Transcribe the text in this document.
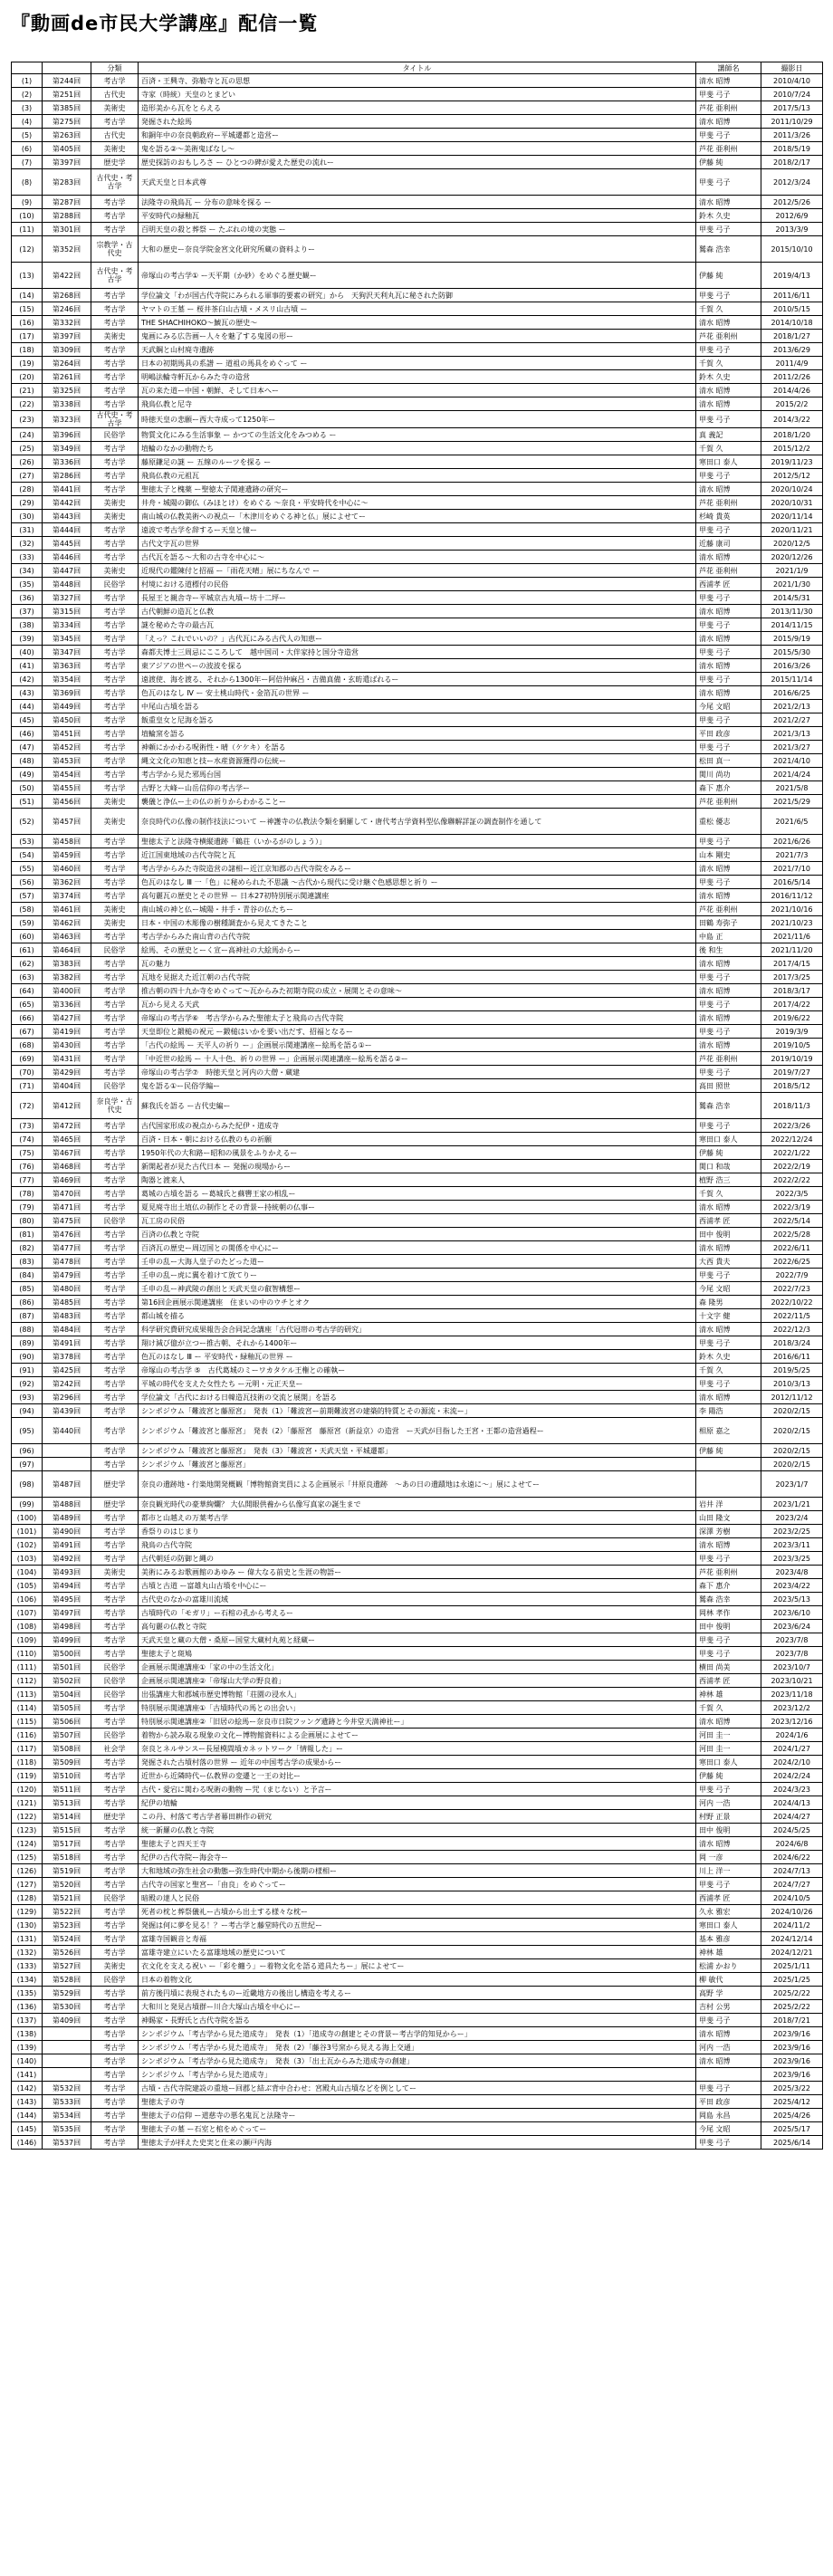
『動画de市民大学講座』配信一覧
		分類	タイトル	講師名	撮影日
(1)	第244回	考古学	百済・王興寺、弥勒寺と瓦の思想	清水 昭博	2010/4/10
(2)	第251回	古代史	寺家（時統）天皇のとまどい	甲斐 弓子	2010/7/24
(3)	第385回	美術史	造形美から瓦をとらえる	芦花 亜利州	2017/5/13
(4)	第275回	考古学	発掘された絵馬	清水 昭博	2011/10/29
(5)	第263回	古代史	和銅年中の奈良朝政府ー平城遷都と造営ー	甲斐 弓子	2011/3/26
(6)	第405回	美術史	鬼を語る②〜美術鬼ばなし〜	芦花 亜利州	2018/5/19
(7)	第397回	歴史学	歴史探訪のおもしろさ ー ひとつの碑が愛えた歴史の流れー	伊藤 純	2018/2/17
(8)	第283回	古代史・考古学	天武天皇と日本武尊	甲斐 弓子	2012/3/24
(9)	第287回	考古学	法隆寺の飛鳥瓦 ー 分布の意味を探る ー	清水 昭博	2012/5/26
(10)	第288回	考古学	平安時代の緑釉瓦	鈴木 久史	2012/6/9
(11)	第301回	考古学	百明天皇の殺と葬祭 ー たぶれの境の実態 ー	甲斐 弓子	2013/3/9
(12)	第352回	宗教学・古代史	大和の歴史ー奈良学院金宮文化研究所蔵の資料よりー	鷲森 浩幸	2015/10/10
(13)	第422回	古代史・考古学	帝塚山の考古学① ー天平期（か砂）をめぐる歴史観ー	伊藤 純	2019/4/13
(14)	第268回	考古学	学位論文「わが国古代寺院にみられる軍事的要素の研究」から　天狗沢天利丸瓦に秘された防御	甲斐 弓子	2011/6/11
(15)	第246回	考古学	ヤマトの王墓 ー 桜井茶臼山古墳・メスリ山古墳 ー	千賀 久	2010/5/15
(16)	第332回	考古学	THE SHACHIHOKO〜鯱瓦の歴史〜	清水 昭博	2014/10/18
(17)	第397回	美術史	鬼画にみる広告画ー人々を魅了する鬼図の形ー	芦花 亜利州	2018/1/27
(18)	第309回	考古学	天武鋼と山村廃寺遺跡	甲斐 弓子	2013/6/29
(19)	第264回	考古学	日本の初期馬具の系譜 ー 道祖の馬具をめぐって ー	千賀 久	2011/4/9
(20)	第261回	考古学	明嶋法輪寺軒瓦からみた寺の造営	鈴木 久史	2011/2/26
(21)	第325回	考古学	瓦の来た道ー中国・朝鮮、そして日本へー	清水 昭博	2014/4/26
(22)	第338回	考古学	飛鳥仏教と尼寺	清水 昭博	2015/2/2
(23)	第323回	古代史・考古学	時徳天皇の悲願ー西大寺成って1250年ー	甲斐 弓子	2014/3/22
(24)	第396回	民俗学	物質文化にみる生活事象 ー かつての生活文化をみつめる ー	真 義記	2018/1/20
(25)	第349回	考古学	埴輪のなかの動物たち	千賀 久	2015/12/2
(26)	第336回	考古学	藤原鎌足の謎 ー 五線のルーツを探る ー	寒田口 泰人	2019/11/23
(27)	第286回	考古学	飛鳥仏教の元祖瓦	甲斐 弓子	2012/5/12
(28)	第441回	考古学	聖徳太子と槐薬 ー聖徳太子関連遺跡の研究ー	清水 昭博	2020/10/24
(29)	第442回	美術史	井舟・城陽の御仏（みほとけ）をめぐる ～奈良・平安時代を中心に～	芦花 亜利州	2020/10/31
(30)	第443回	美術史	南山城の仏教美術への視点ー「木津川をめぐる神と仏」展によせてー	杉崎 貴英	2020/11/14
(31)	第444回	考古学	遠波で考古学を辞するー天皇と憧ー	甲斐 弓子	2020/11/21
(32)	第445回	考古学	古代文字瓦の世界	近藤 康司	2020/12/5
(33)	第446回	考古学	古代瓦を語る〜大和の古寺を中心に〜	清水 昭博	2020/12/26
(34)	第447回	美術史	近現代の鑑陳付と招福 ー「雨花天晴」展にちなんで ー	芦花 亜利州	2021/1/9
(35)	第448回	民俗学	村境における道標付の民俗	西浦孝 匠	2021/1/30
(36)	第327回	考古学	長屋王と親舎寺ー平城京古丸墳ー坊十二坪ー	甲斐 弓子	2014/5/31
(37)	第315回	考古学	古代朝鮮の造瓦と仏教	清水 昭博	2013/11/30
(38)	第334回	考古学	謎を秘めた寺の最古瓦	甲斐 弓子	2014/11/15
(39)	第345回	考古学	「えっ？これでいいの？」古代瓦にみる古代人の知恵ー	清水 昭博	2015/9/19
(40)	第347回	考古学	森都夫博士三周忌にこころして　越中国司・大伴家持と国分寺造営	甲斐 弓子	2015/5/30
(41)	第363回	考古学	東アジアの世ペーの波波を探る	清水 昭博	2016/3/26
(42)	第354回	考古学	遠渡使、海を渡る、それから1300年ー阿倍仲麻呂・吉備真備・玄昉遣ばれるー	甲斐 弓子	2015/11/14
(43)	第369回	考古学	色瓦のはなし Ⅳ ー 安土桃山時代・金箔瓦の世界 ー	清水 昭博	2016/6/25
(44)	第449回	考古学	中尾山古墳を語る	今尾 文昭	2021/2/13
(45)	第450回	考古学	飯重皇女と尼海を語る	甲斐 弓子	2021/2/27
(46)	第451回	考古学	埴輪窯を語る	平田 政彦	2021/3/13
(47)	第452回	考古学	神頼にかかわる呪術性・晴（ケケキ）を語る	甲斐 弓子	2021/3/27
(48)	第453回	考古学	縄文文化の知恵と技ー水産資源獲得の伝統ー	松田 真一	2021/4/10
(49)	第454回	考古学	考古学から見た邪馬台国	関川 尚功	2021/4/24
(50)	第455回	考古学	古野と大峰ー山岳信仰の考古学ー	森下 惠介	2021/5/8
(51)	第456回	美術史	襲儀と浄仏ー土の仏の祈りからわかることー	芦花 亜利州	2021/5/29
(52)	第457回	美術史	奈良時代の仏像の制作技法について ー神護寺の仏教法令類を網羅して・唐代考古学資料型仏像聯解詳証の調査制作を通して	重松 優志	2021/6/5
(53)	第458回	考古学	聖徳太子と法隆寺横縦遺跡「鶴荘（いかるがのしょう）」	甲斐 弓子	2021/6/26
(54)	第459回	考古学	近江国東地域の古代寺院と瓦	山本 剛史	2021/7/3
(55)	第460回	考古学	考古学からみた寺院造営の諸相ー近江京知郡の古代寺院をみるー	清水 昭博	2021/7/10
(56)	第362回	考古学	色瓦のはなし Ⅲ 一「色」に秘められた不思議 ～古代から現代に受け継ぐ色感思想と祈り ー	甲斐 弓子	2016/5/14
(57)	第374回	考古学	高句麗瓦の歴史とその世界 ー 日本27初特別展示関連講座	清水 昭博	2016/11/12
(58)	第461回	美術史	南山城の神と仏ー城陽・井手・青谷の仏たちー	芦花 亜利州	2021/10/16
(59)	第462回	美術史	日本・中国の木彫像の樹種調査から見えてきたこと	田鶴 寿弥子	2021/10/23
(60)	第463回	考古学	考古学からみた南山背の古代寺院	中島 正	2021/11/6
(61)	第464回	民俗学	絵馬、その歴史とーく宣ー高神社の大絵馬からー	後 和生	2021/11/20
(62)	第383回	考古学	瓦の魅力	清水 昭博	2017/4/15
(63)	第382回	考古学	瓦地を見据えた近江朝の古代寺院	甲斐 弓子	2017/3/25
(64)	第400回	考古学	推古朝の四十九か寺をめぐって～瓦からみた初期寺院の成立・展開とその意味～	清水 昭博	2018/3/17
(65)	第336回	考古学	瓦から見える天武	甲斐 弓子	2017/4/22
(66)	第427回	考古学	帝塚山の考古学⑥　考古学からみた聖徳太子と飛鳥の古代寺院	清水 昭博	2019/6/22
(67)	第419回	考古学	天皇即位と鍛槌の祝元 ー鍛槌はいかを要い出だす、招福となるー	甲斐 弓子	2019/3/9
(68)	第430回	考古学	「古代の絵馬 ー 天平人の祈り ー」企画展示関連講座ー絵馬を語る①ー	清水 昭博	2019/10/5
(69)	第431回	考古学	「中近世の絵馬 ー 十人十色、祈りの世界 ー」企画展示関連講座ー絵馬を語る②ー	芦花 亜利州	2019/10/19
(70)	第429回	考古学	帝塚山の考古学⑦　時徳天皇と河内の大僧・蔵建	甲斐 弓子	2019/7/27
(71)	第404回	民俗学	鬼を語る①ー民俗学編ー	高田 照世	2018/5/12
(72)	第412回	奈良学・古代史	蘇我氏を語る ー古代史編ー	鷲森 浩幸	2018/11/3
(73)	第472回	考古学	古代国家形成の視点からみた紀伊・道成寺	甲斐 弓子	2022/3/26
(74)	第465回	考古学	百済・日本・朝における仏教のもの祈願	寒田口 泰人	2022/12/24
(75)	第467回	考古学	1950年代の大和路ー昭和の風景をふりかえるー	伊藤 純	2022/1/22
(76)	第468回	考古学	新開起者が見た古代日本 ー 発掘の現場からー	関口 和哉	2022/2/19
(77)	第469回	考古学	陶器と渡来人	植野 浩三	2022/2/22
(78)	第470回	考古学	葛城の古墳を語る ー葛城氏と蘇轡王家の相乱ー	千賀 久	2022/3/5
(79)	第471回	考古学	夏見廃寺出土埴仏の制作とその背景ー持統朝の仏事ー	清水 昭博	2022/3/19
(80)	第475回	民俗学	瓦工房の民俗	西浦孝 匠	2022/5/14
(81)	第476回	考古学	百済の仏教と寺院	田中 俊明	2022/5/28
(82)	第477回	考古学	百済瓦の歴史ー周辺国との関係を中心にー	清水 昭博	2022/6/11
(83)	第478回	考古学	壬申の乱ー大海人皇子のたどった道ー	大西 貴夫	2022/6/25
(84)	第479回	考古学	壬申の乱ー虎に翼を着けて放てりー	甲斐 弓子	2022/7/9
(85)	第480回	考古学	壬申の乱ー神武陵の創出と天武天皇の叡智構想ー	今尾 文昭	2022/7/23
(86)	第485回	考古学	第16回企画展示関連講座　住まいの中のウチとオク	森 隆男	2022/10/22
(87)	第483回	考古学	都山城を描る	十文字 健	2022/11/5
(88)	第484回	考古学	科学研究費研究成果報告会合同記念講座「古代冠帯の考古学的研究」	清水 昭博	2022/12/3
(89)	第491回	考古学	翔け減び億が立つー推古朝、それから1400年ー	甲斐 弓子	2018/3/24
(90)	第378回	考古学	色瓦のはなし Ⅲ ー 平安時代・緑釉瓦の世界 ー	鈴木 久史	2016/6/11
(91)	第425回	考古学	帝塚山の考古学 ⑤　古代葛城のミーワカタケル王権との確執ー	千賀 久	2019/5/25
(92)	第242回	考古学	平城の時代を支えた女性たち ー元明・元正天皇ー	甲斐 弓子	2010/3/13
(93)	第296回	考古学	学位論文「古代における日韓造瓦技術の交流と展開」を語る	清水 昭博	2012/11/12
(94)	第439回	考古学	シンポジウム「難波宮と藤原宮」　発表（1）「難波宮ー前期難波宮の建築的特質とその源流・末流ー」	李 陽浩	2020/2/15
(95)	第440回	考古学	シンポジウム「難波宮と藤原宮」　発表（2）「藤原宮　藤原宮（新益京）の造営　ー天武が目指した王宮・王都の造営過程ー	相原 嘉之	2020/2/15
(96)		考古学	シンポジウム「難波宮と藤原宮」　発表（3）「難波宮・天武天皇・平城遷都」	伊藤 純	2020/2/15
(97)		考古学	シンポジウム「難波宮と藤原宮」		2020/2/15
(98)	第487回	歴史学	奈良の遺跡地・行楽地開発概観「博物館資実員による企画展示「井原良遺跡　〜あの日の遺蹟地は永遠に〜」展によせてー		2023/1/7
(99)	第488回	歴史学	奈良観光時代の豪華絢爛？ 大仏開眼供養から仏像写真家の誕生まで	岩井 洋	2023/1/21
(100)	第489回	考古学	都市と山越えの万葉考古学	山田 隆文	2023/2/4
(101)	第490回	考古学	香祭りのはじまり	深澤 芳樹	2023/2/25
(102)	第491回	考古学	飛鳥の古代寺院	清水 昭博	2023/3/11
(103)	第492回	考古学	古代朝廷の防御と縄の	甲斐 弓子	2023/3/25
(104)	第493回	美術史	美術にみるお歌画館のあゆみ ー 偉大なる前史と生涯の物語ー	芦花 亜利州	2023/4/8
(105)	第494回	考古学	古墳と古道 ー富雄丸山古墳を中心にー	森下 惠介	2023/4/22
(106)	第495回	考古学	古代史のなかの富雄川流域	鷲森 浩幸	2023/5/13
(107)	第497回	考古学	古墳時代の「モガリ」ー石棺の孔から考えるー	岡林 孝作	2023/6/10
(108)	第498回	考古学	高句麗の仏教と寺院	田中 俊明	2023/6/24
(109)	第499回	考古学	天武天皇と蔵の大僧・桑原ー国堂大蔵村丸苑と経蔵ー	甲斐 弓子	2023/7/8
(110)	第500回	考古学	聖徳太子と斑鳩	甲斐 弓子	2023/7/8
(111)	第501回	民俗学	企画展示関連講座①「家の中の生活文化」	横田 尚美	2023/10/7
(112)	第502回	民俗学	企画展示関連講座②「帝塚山大学の野良着」	西浦孝 匠	2023/10/21
(113)	第504回	民俗学	出張講座大和郡城市歴史博物館「荘園の浸水人」	神林 雄	2023/11/18
(114)	第505回	考古学	特別展示関連講座①「古墳時代の馬との出会い」	千賀 久	2023/12/2
(115)	第506回	考古学	特別展示関連講座②「旧居の絵馬ー奈良市日院フッング遺跡と今井堂天満神社ー」	清水 昭博	2023/12/16
(116)	第507回	民俗学	着物から読み取る現象の文化ー博物館資料による企画展によせてー	河田 圭一	2024/1/6
(117)	第508回	社会学	奈良とネルサンスー長屋模間墳カネットワーク「情報した」ー	河田 圭一	2024/1/27
(118)	第509回	考古学	発掘された古墳村落の世界 ー 近年の中国考古学の成果からー	寒田口 泰人	2024/2/10
(119)	第510回	考古学	近世から近隣時代ー仏教界の変遷と一王の対比ー	伊藤 純	2024/2/24
(120)	第511回	考古学	古代・愛宕に関わる呪術の動物 ー咒（まじない）と予言ー	甲斐 弓子	2024/3/23
(121)	第513回	考古学	紀伊の埴輪	河内 一浩	2024/4/13
(122)	第514回	歴史学	この丹、村落て考古学者幕田耕作の研究	村野 正景	2024/4/27
(123)	第515回	考古学	統一新羅の仏教と寺院	田中 俊明	2024/5/25
(124)	第517回	考古学	聖徳太子と四天王寺	清水 昭博	2024/6/8
(125)	第518回	考古学	紀伊の古代寺院ー海会寺ー	岡 一彦	2024/6/22
(126)	第519回	考古学	大和地域の弥生社会の動態ー弥生時代中期から後期の様相ー	川上 洋一	2024/7/13
(127)	第520回	考古学	古代寺の国家と聖宮ー「由良」をめぐってー	甲斐 弓子	2024/7/27
(128)	第521回	民俗学	暗殿の達人と民俗	西浦孝 匠	2024/10/5
(129)	第522回	考古学	死者の枕と葬祭儀礼ー古墳から出土する様々な枕ー	久永 雅宏	2024/10/26
(130)	第523回	考古学	発掘は何に夢を見る！？ー考古学と藤堂時代の五世紀ー	寒田口 泰人	2024/11/2
(131)	第524回	考古学	富雄寺国観音と寿福	基本 雅彦	2024/12/14
(132)	第526回	考古学	富雄寺建立にいたる富雄地域の歴史について	神林 雄	2024/12/21
(133)	第527回	美術史	衣文化を支える祝い ー「彩を纏う」ー着物文化を語る道具たちー」展によせてー	松浦 かおり	2025/1/11
(134)	第528回	民俗学	日本の着物文化	柳 敏代	2025/1/25
(135)	第529回	考古学	前方後円墳に表現されたものー近畿地方の後出し構造を考えるー	高野 学	2025/2/22
(136)	第530回	考古学	大和川と発見古墳群ー川合大塚山古墳を中心にー	吉村 公男	2025/2/22
(137)	第409回	考古学	神賜家・長野氏と古代寺院を語る	甲斐 弓子	2018/7/21
(138)		考古学	シンポジウム「考古学から見た道成寺」　発表（1）「道成寺の創建とその背景ー考古学的知見からー」	清水 昭博	2023/9/16
(139)		考古学	シンポジウム「考古学から見た道成寺」　発表（2）「藤谷3号窯から見える海上交通」	河内 一浩	2023/9/16
(140)		考古学	シンポジウム「考古学から見た道成寺」　発表（3）「出土瓦からみた道成寺の創建」	清水 昭博	2023/9/16
(141)		考古学	シンポジウム「考古学から見た道成寺」		2023/9/16
(142)	第532回	考古学	古墳・古代寺院建設の重地ー回郡と結ぶ背中合わせ：宮殿丸山古墳などを例としてー	甲斐 弓子	2025/3/22
(143)	第533回	考古学	聖徳太子の寺	平田 政彦	2025/4/12
(144)	第534回	考古学	聖徳太子の信仰 ー道慈寺の悪名鬼瓦と法隆寺ー	岡島 永昌	2025/4/26
(145)	第535回	考古学	聖徳太子の墓 ー石室と棺をめぐってー	今尾 文昭	2025/5/17
(146)	第537回	考古学	聖徳太子が拝えた史実と仕来の瀬戸内海	甲斐 弓子	2025/6/14
